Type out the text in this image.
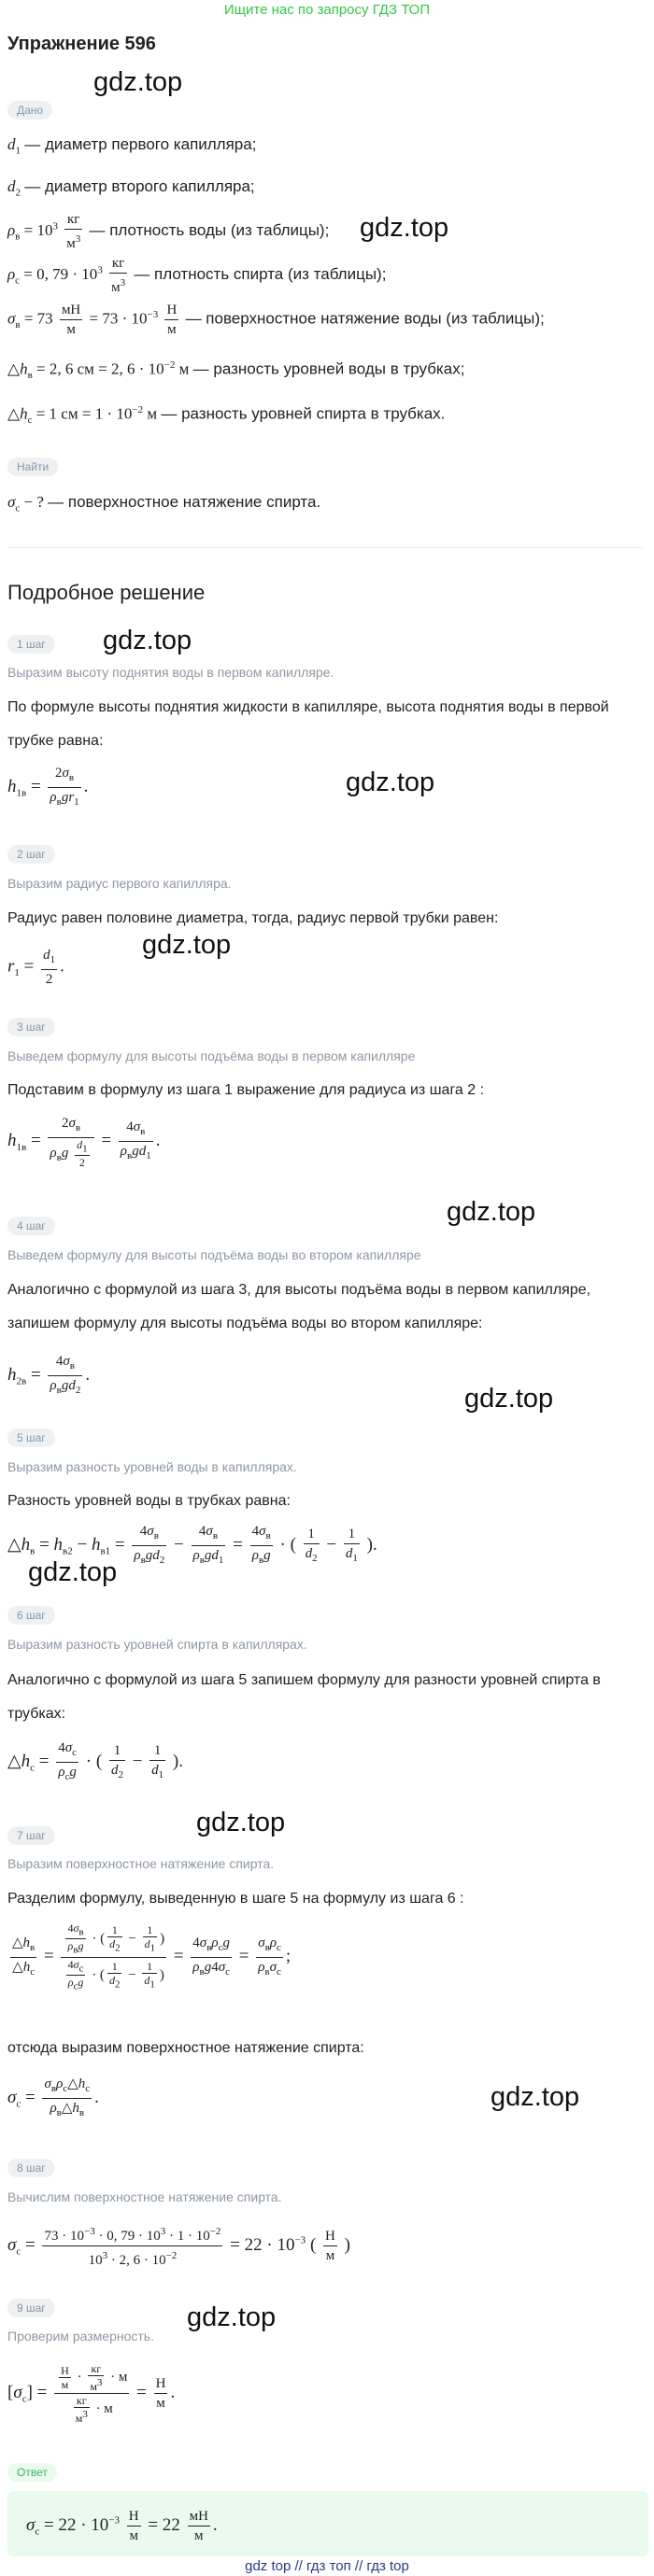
Ищите нас по запросу ГДЗ ТОП
Упражнение 596
gdz.top
gdz.top
gdz.top
gdz.top
gdz.top
gdz.top
gdz.top
gdz.top
gdz.top
gdz.top
gdz.top
Дано
$d_1$ — диаметр первого капилляра;
$d_2$ — диаметр второго капилляра;
$\rho_в = 10^3 \frac{кг}{м^3}$ — плотность воды (из таблицы);
$\rho_с = 0$, $79 \cdot 10^3 \frac{кг}{м^3}$ — плотность спирта (из таблицы);
$\sigma_в = 73 \frac{мН}{м} = 73 \cdot 10^{-3} \frac{Н}{м}$ — поверхностное натяжение воды (из таблицы);
$\triangle h_в = 2$, 6 см = 2, $6 \cdot 10^{-2}$ м — разность уровней воды в трубках;
$\triangle h_с = 1$ см = $1 \cdot 10^{-2}$ м — разность уровней спирта в трубках.
Найти
$\sigma_с$ − ? — поверхностное натяжение спирта.
Подробное решение
1 шаг
Выразим высоту поднятия воды в первом капилляре.
По формуле высоты поднятия жидкости в капилляре, высота поднятия воды в первой трубке равна:
$h_{1в} = \frac{2\sigma_в}{\rho_вgr_1}$ .
2 шаг
Выразим радиус первого капилляра.
Радиус равен половине диаметра, тогда, радиус первой трубки равен:
$r_1 = \frac{d_1}{2}$ .
3 шаг
Выведем формулу для высоты подъёма воды в первом капилляре
Подставим в формулу из шага 1 выражение для радиуса из шага 2 :
$h_{1в} = \frac{2\sigma_в}{\rho_вg \frac{d_1}{2}} = \frac{4\sigma_в}{\rho_вgd_1}$ .
4 шаг
Выведем формулу для высоты подъёма воды во втором капилляре
Аналогично с формулой из шага 3, для высоты подъёма воды в первом капилляре, запишем формулу для высоты подъёма воды во втором капилляре:
$h_{2в} = \frac{4\sigma_в}{\rho_вgd_2}$ .
5 шаг
Выразим разность уровней воды в капиллярах.
Разность уровней воды в трубках равна:
$\triangle h_в = h_{в2} - h_{в1} = \frac{4\sigma_в}{\rho_вgd_2} - \frac{4\sigma_в}{\rho_вgd_1} = \frac{4\sigma_в}{\rho_вg}$ · ( $\frac{1}{d_2} - \frac{1}{d_1}$ ).
6 шаг
Выразим разность уровней спирта в капиллярах.
Аналогично с формулой из шага 5 запишем формулу для разности уровней спирта в трубках:
$\triangle h_с = \frac{4\sigma_с}{\rho_сg}$ · ( $\frac{1}{d_2} - \frac{1}{d_1}$ ).
7 шаг
Выразим поверхностное натяжение спирта.
Разделим формулу, выведенную в шаге 5 на формулу из шага 6 :
$\frac{\triangle h_в}{\triangle h_с} = \frac{\frac{4\sigma_в}{\rho_вg} \cdot ( \frac{1}{d_2} - \frac{1}{d_1} )}{\frac{4\sigma_с}{\rho_сg} \cdot ( \frac{1}{d_2} - \frac{1}{d_1} )} = \frac{4\sigma_в\rho_сg}{\rho_вg4\sigma_с} = \frac{\sigma_в\rho_с}{\rho_в\sigma_с}$ ;
отсюда выразим поверхностное натяжение спирта:
$\sigma_с = \frac{\sigma_в\rho_с\triangle h_с}{\rho_в\triangle h_в}$ .
8 шаг
Вычислим поверхностное натяжение спирта.
$\sigma_с = \frac{73 \cdot 10^{-3} \cdot 0, 79 \cdot 10^3 \cdot 1 \cdot 10^{-2}}{10^3 \cdot 2, 6 \cdot 10^{-2}} = 22 \cdot 10^{-3}$ ( $\frac{Н}{м}$ )
9 шаг
Проверим размерность.
$[\sigma_с] = \frac{\frac{Н}{м} \cdot \frac{кг}{м^3} \cdot м}{\frac{кг}{м^3} \cdot м} = \frac{Н}{м}$ .
Ответ
$\sigma_с = 22 \cdot 10^{-3} \frac{Н}{м} = 22 \frac{мН}{м}$ .
gdz top // гдз топ // гдз top
